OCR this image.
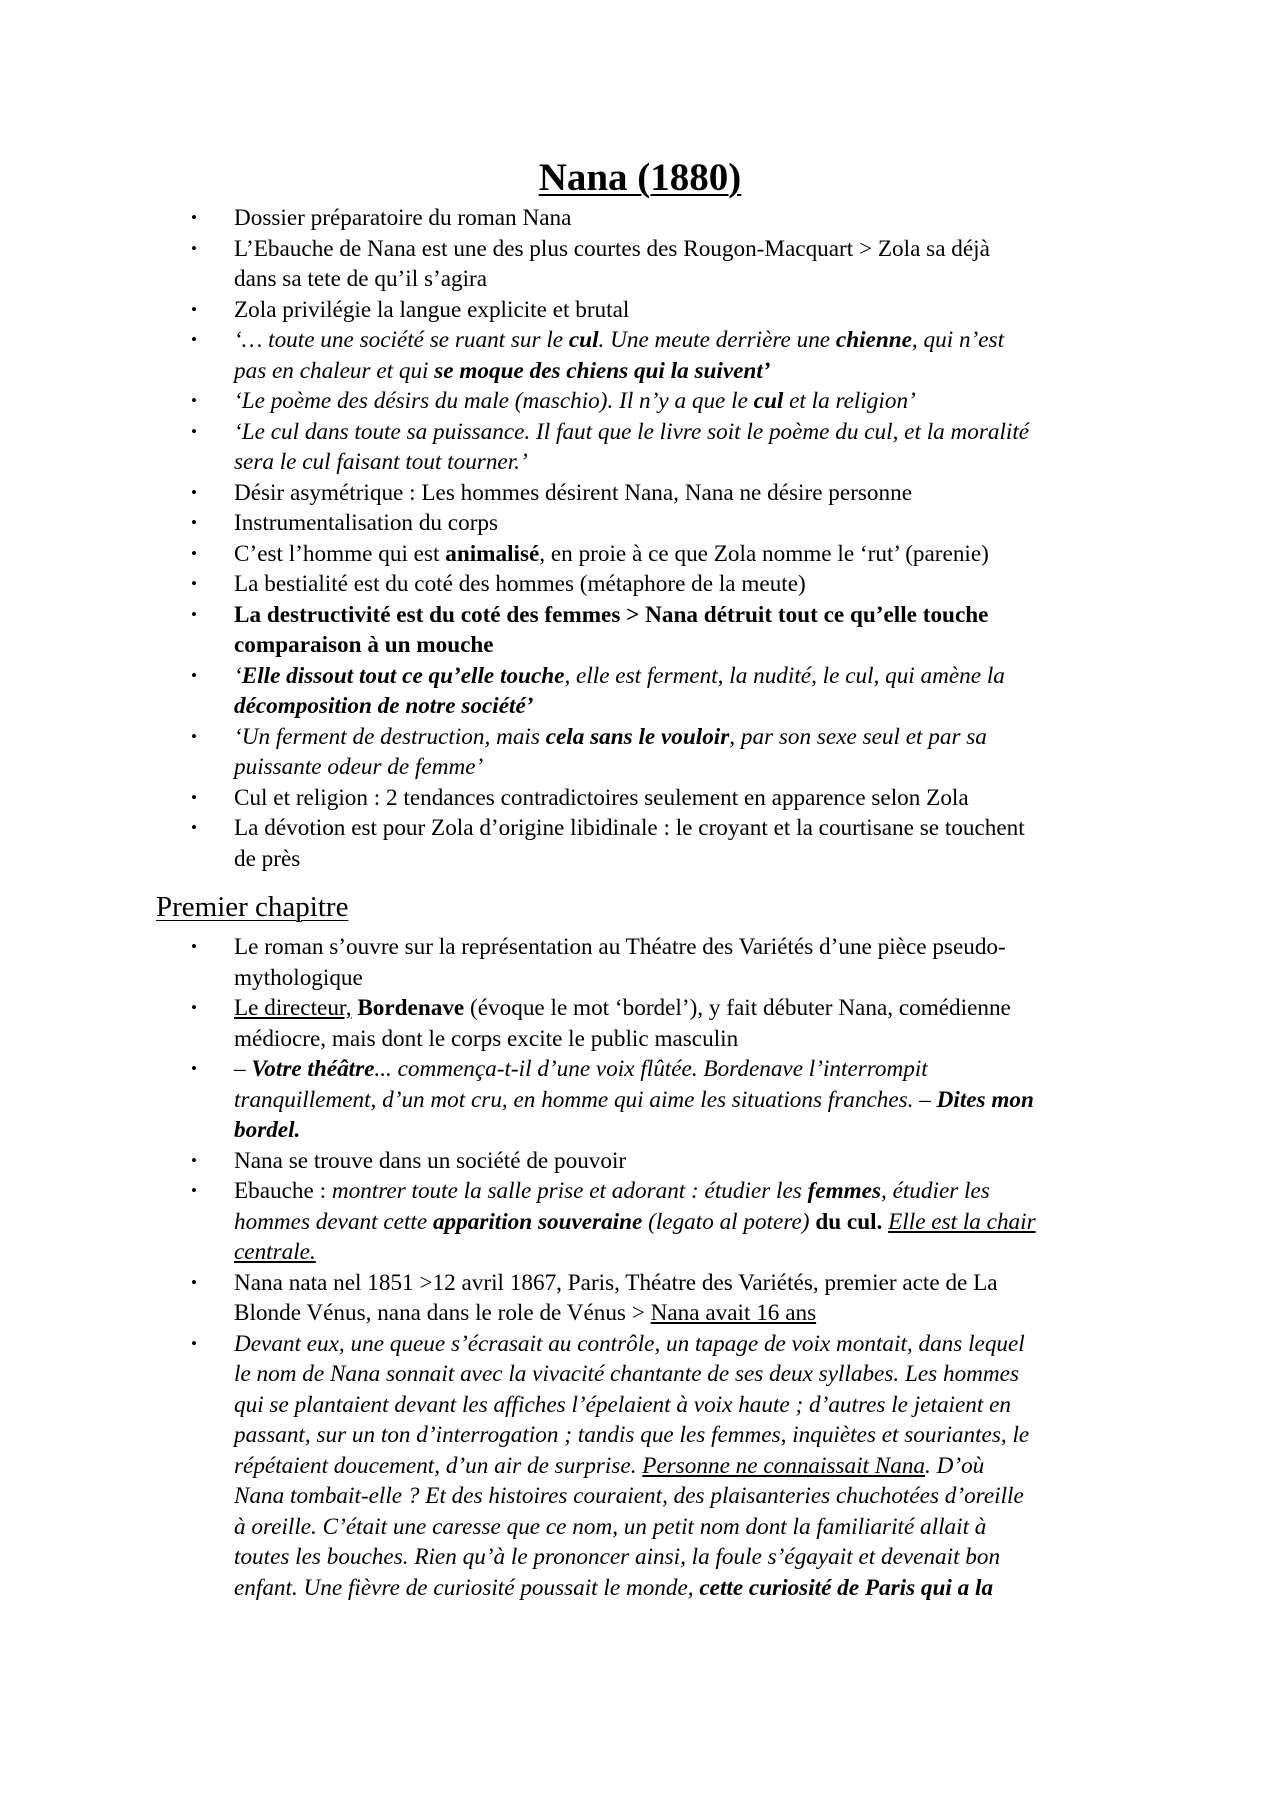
Nana (1880)
• Dossier préparatoire du roman Nana
• L’Ebauche de Nana est une des plus courtes des Rougon-Macquart > Zola sa déjà
dans sa tete de qu’il s’agira
• Zola privilégie la langue explicite et brutal
• ‘… toute une société se ruant sur le cul. Une meute derrière une chienne, qui n’est
pas en chaleur et qui se moque des chiens qui la suivent’
• ‘Le poème des désirs du male (maschio). Il n’y a que le cul et la religion’
• ‘Le cul dans toute sa puissance. Il faut que le livre soit le poème du cul, et la moralité
sera le cul faisant tout tourner.’
• Désir asymétrique : Les hommes désirent Nana, Nana ne désire personne
• Instrumentalisation du corps
• C’est l’homme qui est animalisé, en proie à ce que Zola nomme le ‘rut’ (parenie)
• La bestialité est du coté des hommes (métaphore de la meute)
• La destructivité est du coté des femmes > Nana détruit tout ce qu’elle touche
comparaison à un mouche
• ‘Elle dissout tout ce qu’elle touche, elle est ferment, la nudité, le cul, qui amène la
décomposition de notre société’
• ‘Un ferment de destruction, mais cela sans le vouloir, par son sexe seul et par sa
puissante odeur de femme’
• Cul et religion : 2 tendances contradictoires seulement en apparence selon Zola
• La dévotion est pour Zola d’origine libidinale : le croyant et la courtisane se touchent
de près
Premier chapitre
• Le roman s’ouvre sur la représentation au Théatre des Variétés d’une pièce pseudo-
mythologique
• Le directeur, Bordenave (évoque le mot ‘bordel’), y fait débuter Nana, comédienne
médiocre, mais dont le corps excite le public masculin
• – Votre théâtre... commença-t-il d’une voix flûtée. Bordenave l’interrompit
tranquillement, d’un mot cru, en homme qui aime les situations franches. – Dites mon
bordel.
• Nana se trouve dans un société de pouvoir
• Ebauche : montrer toute la salle prise et adorant : étudier les femmes, étudier les
hommes devant cette apparition souveraine (legato al potere) du cul. Elle est la chair
centrale.
• Nana nata nel 1851 >12 avril 1867, Paris, Théatre des Variétés, premier acte de La
Blonde Vénus, nana dans le role de Vénus > Nana avait 16 ans
• Devant eux, une queue s’écrasait au contrôle, un tapage de voix montait, dans lequel
le nom de Nana sonnait avec la vivacité chantante de ses deux syllabes. Les hommes
qui se plantaient devant les affiches l’épelaient à voix haute ; d’autres le jetaient en
passant, sur un ton d’interrogation ; tandis que les femmes, inquiètes et souriantes, le
répétaient doucement, d’un air de surprise. Personne ne connaissait Nana. D’où
Nana tombait-elle ? Et des histoires couraient, des plaisanteries chuchotées d’oreille
à oreille. C’était une caresse que ce nom, un petit nom dont la familiarité allait à
toutes les bouches. Rien qu’à le prononcer ainsi, la foule s’égayait et devenait bon
enfant. Une fièvre de curiosité poussait le monde, cette curiosité de Paris qui a la
